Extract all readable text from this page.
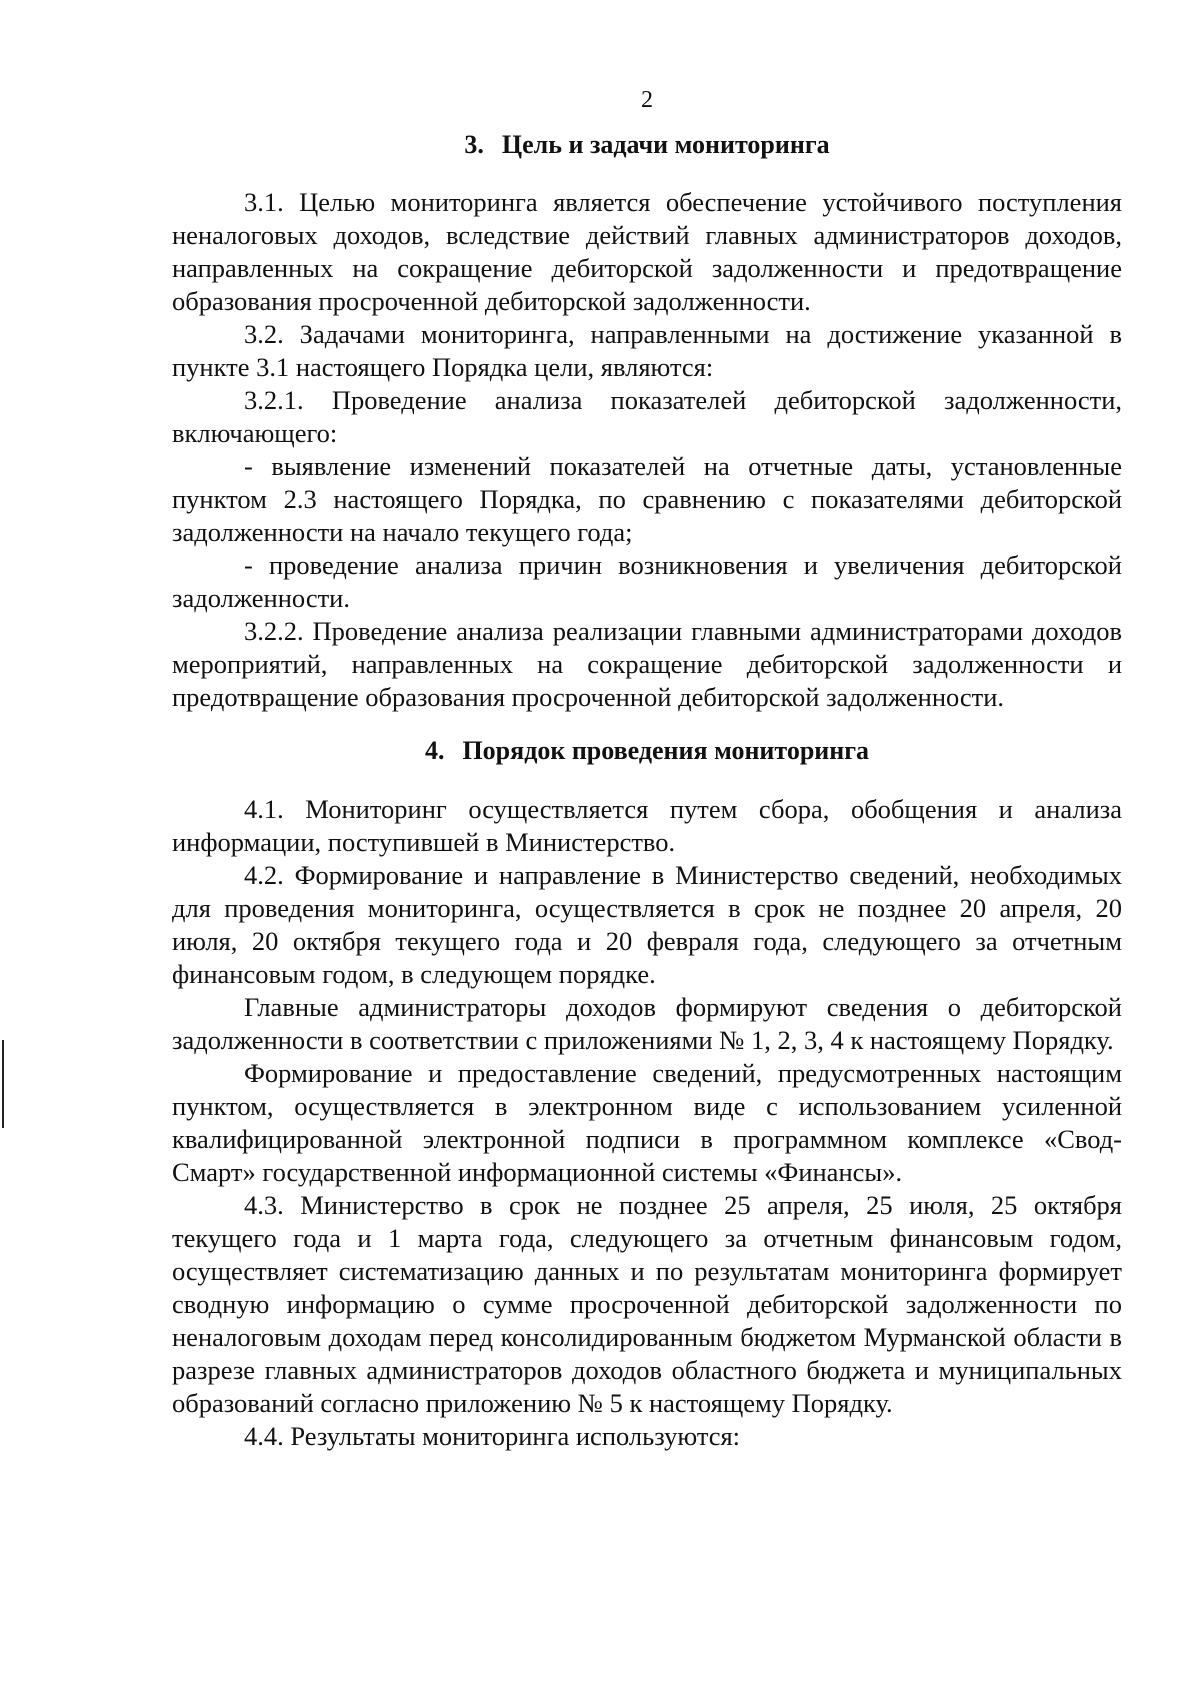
2
3. Цель и задачи мониторинга

3.1. Целью мониторинга является обеспечение устойчивого поступления неналоговых доходов, вследствие действий главных администраторов доходов, направленных на сокращение дебиторской задолженности и предотвращение образования просроченной дебиторской задолженности.

3.2. Задачами мониторинга, направленными на достижение указанной в пункте 3.1 настоящего Порядка цели, являются:

3.2.1. Проведение анализа показателей дебиторской задолженности, включающего:

- выявление изменений показателей на отчетные даты, установленные пунктом 2.3 настоящего Порядка, по сравнению с показателями дебиторской задолженности на начало текущего года;

- проведение анализа причин возникновения и увеличения дебиторской задолженности.

3.2.2. Проведение анализа реализации главными администраторами доходов мероприятий, направленных на сокращение дебиторской задолженности и предотвращение образования просроченной дебиторской задолженности.

4. Порядок проведения мониторинга

4.1. Мониторинг осуществляется путем сбора, обобщения и анализа информации, поступившей в Министерство.

4.2. Формирование и направление в Министерство сведений, необходимых для проведения мониторинга, осуществляется в срок не позднее 20 апреля, 20 июля, 20 октября текущего года и 20 февраля года, следующего за отчетным финансовым годом, в следующем порядке.

Главные администраторы доходов формируют сведения о дебиторской задолженности в соответствии с приложениями № 1, 2, 3, 4 к настоящему Порядку.

Формирование и предоставление сведений, предусмотренных настоящим пунктом, осуществляется в электронном виде с использованием усиленной квалифицированной электронной подписи в программном комплексе «Свод-Смарт» государственной информационной системы «Финансы».

4.3. Министерство в срок не позднее 25 апреля, 25 июля, 25 октября текущего года и 1 марта года, следующего за отчетным финансовым годом, осуществляет систематизацию данных и по результатам мониторинга формирует сводную информацию о сумме просроченной дебиторской задолженности по неналоговым доходам перед консолидированным бюджетом Мурманской области в разрезе главных администраторов доходов областного бюджета и муниципальных образований согласно приложению № 5 к настоящему Порядку.

4.4. Результаты мониторинга используются:
